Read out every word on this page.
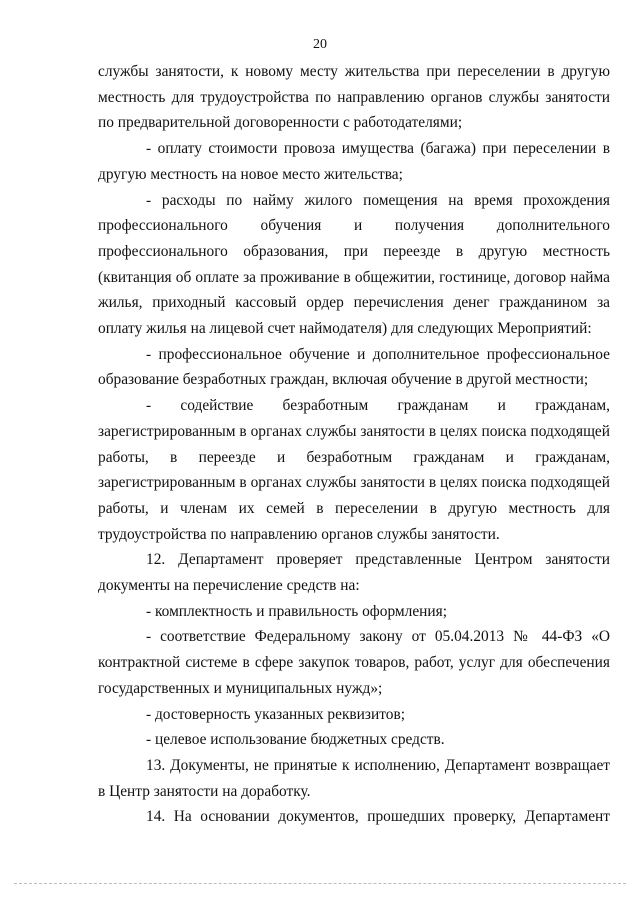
20

службы занятости, к новому месту жительства при переселении в другую местность для трудоустройства по направлению органов службы занятости по предварительной договоренности с работодателями;

- оплату стоимости провоза имущества (багажа) при переселении в другую местность на новое место жительства;

- расходы по найму жилого помещения на время прохождения профессионального обучения и получения дополнительного профессионального образования, при переезде в другую местность (квитанция об оплате за проживание в общежитии, гостинице, договор найма жилья, приходный кассовый ордер перечисления денег гражданином за оплату жилья на лицевой счет наймодателя) для следующих Мероприятий:

- профессиональное обучение и дополнительное профессиональное образование безработных граждан, включая обучение в другой местности;

- содействие безработным гражданам и гражданам, зарегистрированным в органах службы занятости в целях поиска подходящей работы, в переезде и безработным гражданам и гражданам, зарегистрированным в органах службы занятости в целях поиска подходящей работы, и членам их семей в переселении в другую местность для трудоустройства по направлению органов службы занятости.

12. Департамент проверяет представленные Центром занятости документы на перечисление средств на:

- комплектность и правильность оформления;

- соответствие Федеральному закону от 05.04.2013 № 44-ФЗ «О контрактной системе в сфере закупок товаров, работ, услуг для обеспечения государственных и муниципальных нужд»;

- достоверность указанных реквизитов;

- целевое использование бюджетных средств.

13. Документы, не принятые к исполнению, Департамент возвращает в Центр занятости на доработку.

14. На основании документов, прошедших проверку, Департамент
